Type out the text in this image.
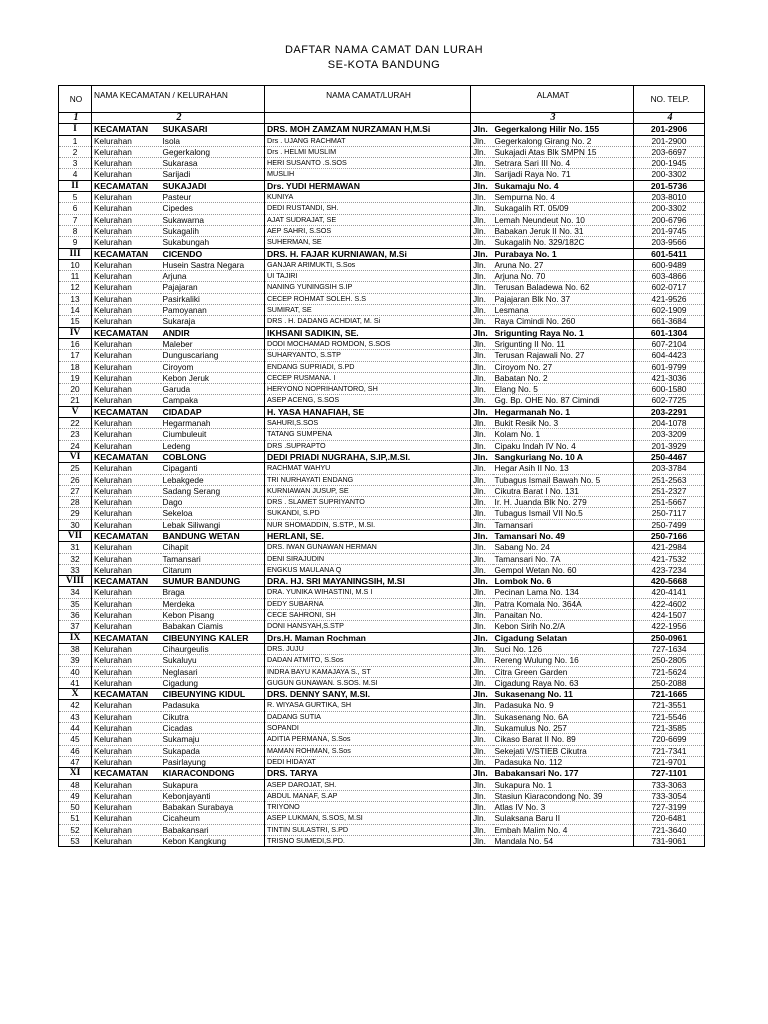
DAFTAR NAMA CAMAT DAN LURAH
SE-KOTA BANDUNG
NO	NAMA KECAMATAN / KELURAHAN		NAMA CAMAT/LURAH	ALAMAT		NO. TELP.
1	2			3		4
I	KECAMATAN	SUKASARI	DRS. MOH ZAMZAM NURZAMAN H,M.Si	Jln.	Gegerkalong Hilir No. 155	201-2906
1	Kelurahan	Isola	Drs . UJANG RACHMAT	Jln.	Gegerkalong Girang No. 2	201-2900
2	Kelurahan	Gegerkalong	Drs . HELMI MUSLIM	Jln.	Sukajadi Atas Blk SMPN 15	203-6697
3	Kelurahan	Sukarasa	HERI SUSANTO .S.SOS	Jln.	Setrara Sari III No. 4	200-1945
4	Kelurahan	Sarijadi	MUSLIH	Jln.	Sarijadi Raya No. 71	200-3302
II	KECAMATAN	SUKAJADI	Drs. YUDI HERMAWAN	Jln.	Sukamaju No. 4	201-5736
5	Kelurahan	Pasteur	KUNIYA	Jln.	Sempurna No. 4	203-8010
6	Kelurahan	Cipedes	DEDI RUSTANDI, SH.	Jln.	Sukagalih RT. 05/09	200-3302
7	Kelurahan	Sukawarna	AJAT SUDRAJAT, SE	Jln.	Lemah Neundeut No. 10	200-6796
8	Kelurahan	Sukagalih	AEP SAHRI, S.SOS	Jln.	Babakan Jeruk II No. 31	201-9745
9	Kelurahan	Sukabungah	SUHERMAN, SE	Jln.	Sukagalih No. 329/182C	203-9566
III	KECAMATAN	CICENDO	DRS. H. FAJAR KURNIAWAN, M.Si	Jln.	Purabaya No. 1	601-5411
10	Kelurahan	Husein Sastra Negara	GANJAR ARIMUKTI, S.Sos	Jln.	Aruna No. 27	600-9489
11	Kelurahan	Arjuna	UI TAJIRI	Jln.	Arjuna No. 70	603-4866
12	Kelurahan	Pajajaran	NANING YUNINGSIH S.IP	Jln.	Terusan Baladewa No. 62	602-0717
13	Kelurahan	Pasirkaliki	CECEP ROHMAT SOLEH. S.S	Jln.	Pajajaran Blk No. 37	421-9526
14	Kelurahan	Pamoyanan	SUMIRAT, SE	Jln.	Lesmana	602-1909
15	Kelurahan	Sukaraja	DRS . H. DADANG ACHDIAT, M. Si	Jln.	Raya Cimindi No. 260	661-3684
IV	KECAMATAN	ANDIR	IKHSANI SADIKIN, SE.	Jln.	Srigunting Raya No. 1	601-1304
16	Kelurahan	Maleber	DODI MOCHAMAD ROMDON, S.SOS	Jln.	Srigunting II No. 11	607-2104
17	Kelurahan	Dunguscariang	SUHARYANTO, S.STP	Jln.	Terusan Rajawali No. 27	604-4423
18	Kelurahan	Ciroyom	ENDANG SUPRIADI, S.PD	Jln.	Ciroyom No. 27	601-9799
19	Kelurahan	Kebon Jeruk	CECEP RUSMANA. I	Jln.	Babatan No. 2	421-3036
20	Kelurahan	Garuda	HERYONO NOPRIHANTORO, SH	Jln.	Elang No. 5	600-1580
21	Kelurahan	Campaka	ASEP ACENG, S.SOS	Jln.	Gg. Bp. OHE No. 87 Cimindi	602-7725
V	KECAMATAN	CIDADAP	H. YASA HANAFIAH, SE	Jln.	Hegarmanah No. 1	203-2291
22	Kelurahan	Hegarmanah	SAHURI,S.SOS	Jln.	Bukit Resik No. 3	204-1078
23	Kelurahan	Ciumbuleuit	TATANG SUMPENA	Jln.	Kolam No. 1	203-3209
24	Kelurahan	Ledeng	DRS .SUPRAPTO	Jln.	Cipaku Indah IV No. 4	201-3929
VI	KECAMATAN	COBLONG	DEDI PRIADI NUGRAHA, S.IP,.M.SI.	Jln.	Sangkuriang No. 10 A	250-4467
25	Kelurahan	Cipaganti	RACHMAT WAHYU	Jln.	Hegar Asih II No. 13	203-3784
26	Kelurahan	Lebakgede	TRI NURHAYATI ENDANG	Jln.	Tubagus Ismail Bawah No. 5	251-2563
27	Kelurahan	Sadang Serang	KURNIAWAN JUSUP, SE	Jln.	Cikutra Barat I No. 131	251-2327
28	Kelurahan	Dago	DRS . SLAMET SUPRIYANTO	Jln.	Ir. H. Juanda Blk No. 279	251-5667
29	Kelurahan	Sekeloa	SUKANDI, S.PD	Jln.	Tubagus Ismail VII No.5	250-7117
30	Kelurahan	Lebak Siliwangi	NUR SHOMADDIN, S.STP., M.SI.	Jln.	Tamansari	250-7499
VII	KECAMATAN	BANDUNG WETAN	HERLANI, SE.	Jln.	Tamansari No. 49	250-7166
31	Kelurahan	Cihapit	DRS. IWAN GUNAWAN HERMAN	Jln.	Sabang No. 24	421-2984
32	Kelurahan	Tamansari	DENI SIRAJUDIN	Jln.	Tamansari No. 7A	421-7532
33	Kelurahan	Citarum	ENGKUS MAULANA Q	Jln.	Gempol Wetan No. 60	423-7234
VIII	KECAMATAN	SUMUR BANDUNG	DRA. HJ. SRI MAYANINGSIH, M.SI	Jln.	Lombok No. 6	420-5668
34	Kelurahan	Braga	DRA. YUNIKA WIHASTINI, M.S I	Jln.	Pecinan Lama No. 134	420-4141
35	Kelurahan	Merdeka	DEDY SUBARNA	Jln.	Patra Komala No. 364A	422-4602
36	Kelurahan	Kebon Pisang	CECE SAHRONI, SH	Jln.	Panaitan No.	424-1507
37	Kelurahan	Babakan Ciamis	DONI HANSYAH,S.STP	Jln.	Kebon Sirih No.2/A	422-1956
IX	KECAMATAN	CIBEUNYING KALER	Drs.H. Maman Rochman	Jln.	Cigadung Selatan	250-0961
38	Kelurahan	Cihaurgeulis	DRS. JUJU	Jln.	Suci No. 126	727-1634
39	Kelurahan	Sukaluyu	DADAN ATMITO, S.Sos	Jln.	Rereng Wulung No. 16	250-2805
40	Kelurahan	Neglasari	INDRA BAYU KAMAJAYA S., ST	Jln.	Citra Green Garden	721-5624
41	Kelurahan	Cigadung	GUGUN GUNAWAN. S.SOS. M.SI	Jln.	Cigadung Raya No. 63	250-2088
X	KECAMATAN	CIBEUNYING KIDUL	DRS. DENNY SANY, M.SI.	Jln.	Sukasenang No. 11	721-1665
42	Kelurahan	Padasuka	R. WIYASA GURTIKA, SH	Jln.	Padasuka No. 9	721-3551
43	Kelurahan	Cikutra	DADANG SUTIA	Jln.	Sukasenang No. 6A	721-5546
44	Kelurahan	Cicadas	SOPANDI	Jln.	Sukamulus No. 257	721-3585
45	Kelurahan	Sukamaju	ADITIA PERMANA, S.Sos	Jln.	Cikaso Barat II No. 89	720-6699
46	Kelurahan	Sukapada	MAMAN ROHMAN, S.Sos	Jln.	Sekejati V/STIEB Cikutra	721-7341
47	Kelurahan	Pasirlayung	DEDI HIDAYAT	Jln.	Padasuka No. 112	721-9701
XI	KECAMATAN	KIARACONDONG	DRS. TARYA	Jln.	Babakansari No. 177	727-1101
48	Kelurahan	Sukapura	ASEP DAROJAT, SH.	Jln.	Sukapura No. 1	733-3063
49	Kelurahan	Kebonjayanti	ABDUL MANAF, S.AP	Jln.	Stasiun Kiaracondong No. 39	733-3054
50	Kelurahan	Babakan Surabaya	TRIYONO	Jln.	Atlas IV No. 3	727-3199
51	Kelurahan	Cicaheum	ASEP LUKMAN, S.SOS, M.SI	Jln.	Sulaksana Baru II	720-6481
52	Kelurahan	Babakansari	TINTIN SULASTRI, S.PD	Jln.	Embah Malim No. 4	721-3640
53	Kelurahan	Kebon Kangkung	TRISNO SUMEDI,S.PD.	Jln.	Mandala No. 54	731-9061
